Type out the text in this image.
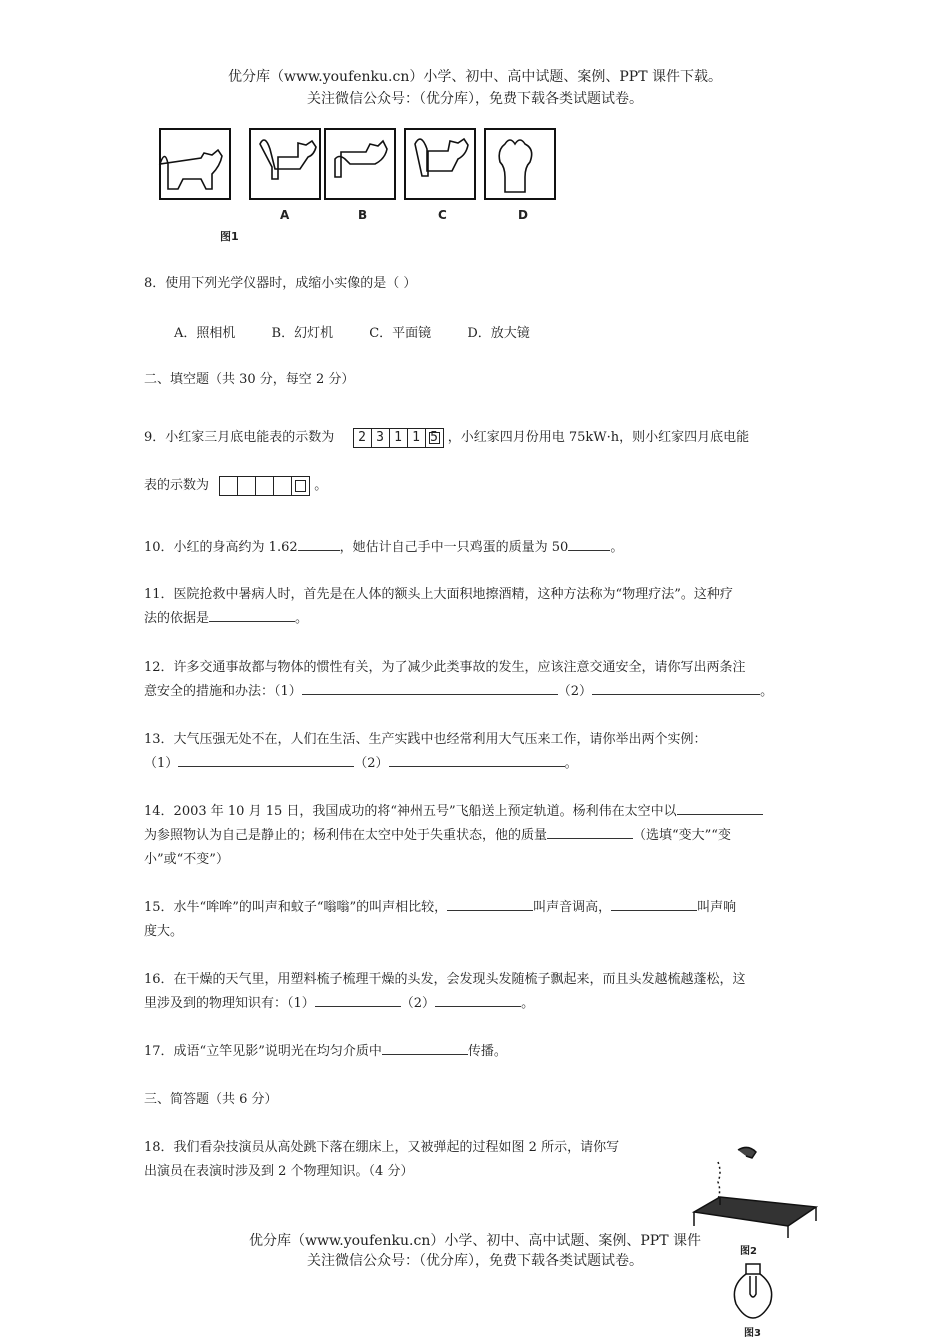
优分库（www.youfenku.cn）小学、初中、高中试题、案例、PPT 课件下载。
关注微信公众号：（优分库），免费下载各类试题试卷。
A	B	C	D
图1
8．使用下列光学仪器时，成缩小实像的是（ ）
A．照相机	B．幻灯机	C．平面镜	D．放大镜
二、填空题（共 30 分，每空 2 分）
9．小红家三月底电能表的示数为	2 3 1 1 5 ，小红家四月份用电 75kW·h，则小红家四月底电能
表的示数为	。
10．小红的身高约为 1.62	，她估计自己手中一只鸡蛋的质量为 50	。
11．医院抢救中暑病人时，首先是在人体的额头上大面积地擦酒精，这种方法称为“物理疗法”。这种疗
法的依据是	。
12．许多交通事故都与物体的惯性有关，为了减少此类事故的发生，应该注意交通安全，请你写出两条注
意安全的措施和办法：（1）	（2）	。
13．大气压强无处不在，人们在生活、生产实践中也经常利用大气压来工作，请你举出两个实例：
（1）	（2）	。
14．2003 年 10 月 15 日，我国成功的将“神州五号”飞船送上预定轨道。杨利伟在太空中以
为参照物认为自己是静止的；杨利伟在太空中处于失重状态，他的质量	（选填“变大”“变
小”或“不变”）
15．水牛“哞哞”的叫声和蚊子“嗡嗡”的叫声相比较，	叫声音调高，	叫声响
度大。
16．在干燥的天气里，用塑料梳子梳理干燥的头发，会发现头发随梳子飘起来，而且头发越梳越蓬松，这
里涉及到的物理知识有：（1）	（2）	。
17．成语“立竿见影”说明光在均匀介质中	传播。
三、简答题（共 6 分）
18．我们看杂技演员从高处跳下落在绷床上，又被弹起的过程如图 2 所示，请你写
出演员在表演时涉及到 2 个物理知识。（4 分）
图2
图3
优分库（www.youfenku.cn）小学、初中、高中试题、案例、PPT 课件
关注微信公众号：（优分库），免费下载各类试题试卷。
